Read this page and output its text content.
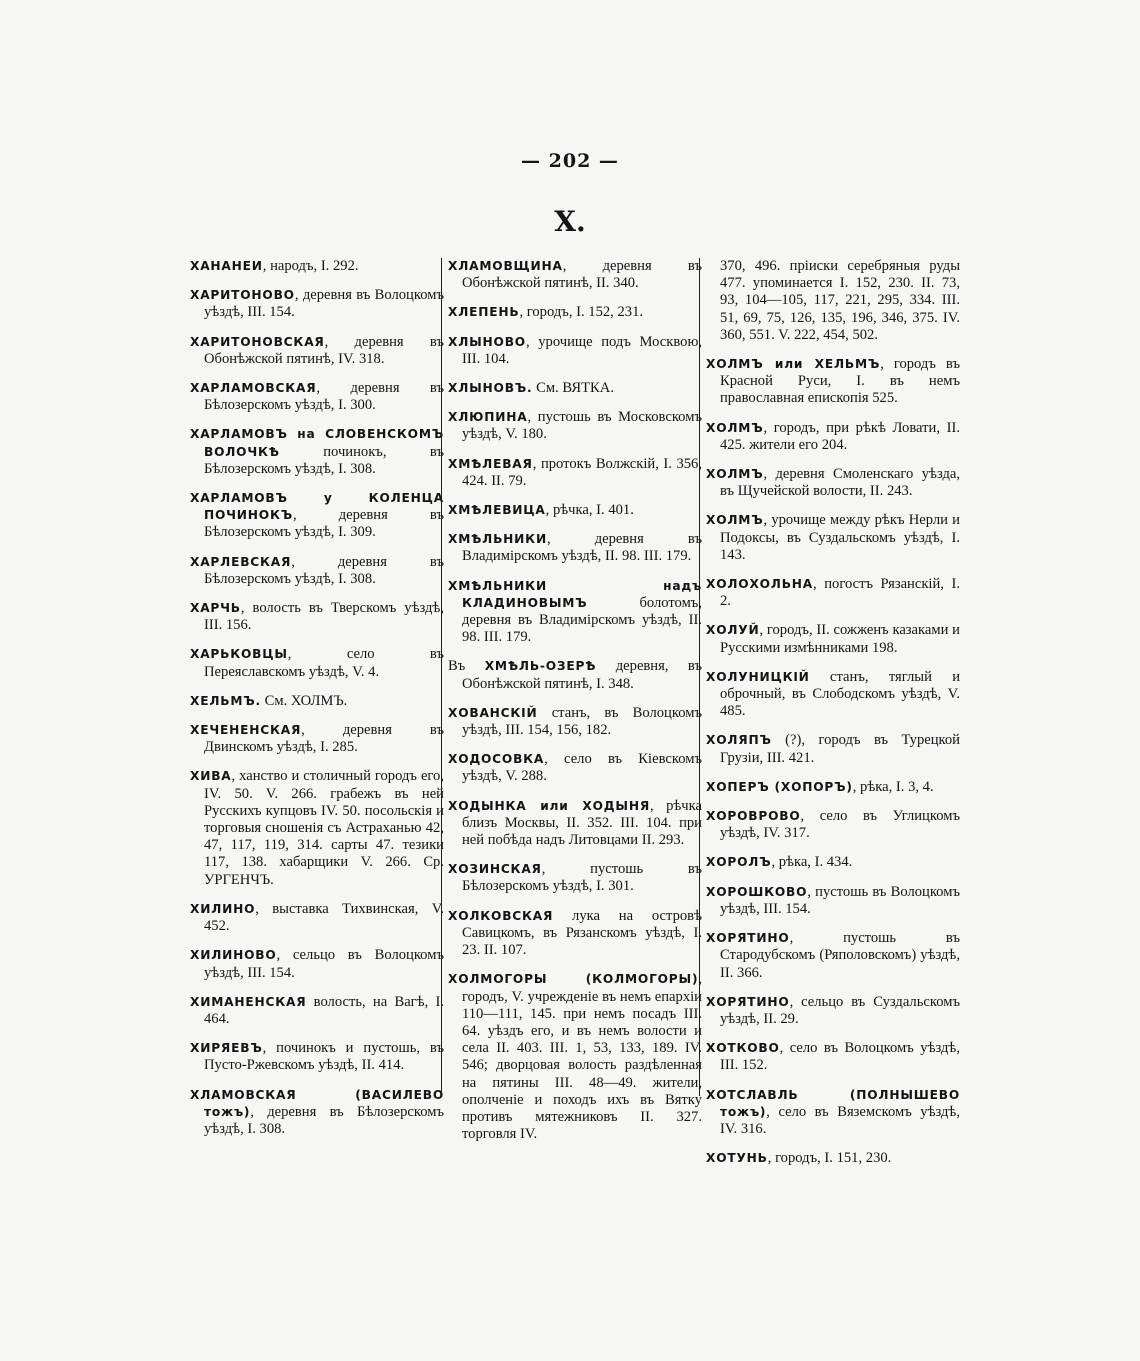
— 202 —
Х.

ХАНАНЕИ, народъ, I. 292.

ХАРИТОНОВО, деревня въ Волоцкомъ уѣздѣ, III. 154.

ХАРИТОНОВСКАЯ, деревня въ Обонѣжской пятинѣ, IV. 318.

ХАРЛАМОВСКАЯ, деревня въ Бѣлозерскомъ уѣздѣ, I. 300.

ХАРЛАМОВЪ на СЛОВЕНСКОМЪ ВОЛОЧКѢ починокъ, въ Бѣлозерскомъ уѣздѣ, I. 308.

ХАРЛАМОВЪ у КОЛЕНЦА ПОЧИНОКЪ, деревня въ Бѣлозерскомъ уѣздѣ, I. 309.

ХАРЛЕВСКАЯ, деревня въ Бѣлозерскомъ уѣздѣ, I. 308.

ХАРЧЬ, волость въ Тверскомъ уѣздѣ, III. 156.

ХАРЬКОВЦЫ, село въ Переяславскомъ уѣздѣ, V. 4.

ХЕЛЬМЪ. См. ХОЛМЪ.

ХЕЧЕНЕНСКАЯ, деревня въ Двинскомъ уѣздѣ, I. 285.

ХИВА, ханство и столичный городъ его, IV. 50. V. 266. грабежъ въ ней Русскихъ купцовъ IV. 50. посольскія и торговыя сношенія съ Астраханью 42, 47, 117, 119, 314. сарты 47. тезики 117, 138. хабарщики V. 266. Ср. УРГЕНЧЪ.

ХИЛИНО, выставка Тихвинская, V. 452.

ХИЛИНОВО, сельцо въ Волоцкомъ уѣздѣ, III. 154.

ХИМАНЕНСКАЯ волость, на Вагѣ, I. 464.

ХИРЯЕВЪ, починокъ и пустошь, въ Пусто-Ржевскомъ уѣздѣ, II. 414.

ХЛАМОВСКАЯ (ВАСИЛЕВО тожъ), деревня въ Бѣлозерскомъ уѣздѣ, I. 308.

ХЛАМОВЩИНА, деревня въ Обонѣжской пятинѣ, II. 340.

ХЛЕПЕНЬ, городъ, I. 152, 231.

ХЛЫНОВО, урочище подъ Москвою, III. 104.

ХЛЫНОВЪ. См. ВЯТКА.

ХЛЮПИНА, пустошь въ Московскомъ уѣздѣ, V. 180.

ХМѢЛЕВАЯ, протокъ Волжскій, I. 356, 424. II. 79.

ХМѢЛЕВИЦА, рѣчка, I. 401.

ХМѢЛЬНИКИ, деревня въ Владимірскомъ уѣздѣ, II. 98. III. 179.

ХМѢЛЬНИКИ надъ КЛАДИНОВЫМЪ болотомъ, деревня въ Владимірскомъ уѣздѣ, II. 98. III. 179.

Въ ХМѢЛЬ-ОЗЕРѢ деревня, въ Обонѣжской пятинѣ, I. 348.

ХОВАНСКІЙ станъ, въ Волоцкомъ уѣздѣ, III. 154, 156, 182.

ХОДОСОВКА, село въ Кіевскомъ уѣздѣ, V. 288.

ХОДЫНКА или ХОДЫНЯ, рѣчка близъ Москвы, II. 352. III. 104. при ней побѣда надъ Литовцами II. 293.

ХОЗИНСКАЯ, пустошь въ Бѣлозерскомъ уѣздѣ, I. 301.

ХОЛКОВСКАЯ лука на островѣ Савицкомъ, въ Рязанскомъ уѣздѣ, I. 23. II. 107.

ХОЛМОГОРЫ (КОЛМОГОРЫ), городъ, V. учрежденіе въ немъ епархіи 110—111, 145. при немъ посадъ III. 64. уѣздъ его, и въ немъ волости и села II. 403. III. 1, 53, 133, 189. IV. 546; дворцовая волость раздѣленная на пятины III. 48—49. жители, ополченіе и походъ ихъ въ Вятку противъ мятежниковъ II. 327. торговля IV.

370, 496. пріиски серебряныя руды 477. упоминается I. 152, 230. II. 73, 93, 104—105, 117, 221, 295, 334. III. 51, 69, 75, 126, 135, 196, 346, 375. IV. 360, 551. V. 222, 454, 502.

ХОЛМЪ или ХЕЛЬМЪ, городъ въ Красной Руси, I. въ немъ православная епископія 525.

ХОЛМЪ, городъ, при рѣкѣ Ловати, II. 425. жители его 204.

ХОЛМЪ, деревня Смоленскаго уѣзда, въ Щучейской волости, II. 243.

ХОЛМЪ, урочище между рѣкъ Нерли и Подоксы, въ Суздальскомъ уѣздѣ, I. 143.

ХОЛОХОЛЬНА, погостъ Рязанскій, I. 2.

ХОЛУЙ, городъ, II. сожженъ казаками и Русскими измѣнниками 198.

ХОЛУНИЦКІЙ станъ, тяглый и оброчный, въ Слободскомъ уѣздѣ, V. 485.

ХОЛЯПЪ (?), городъ въ Турецкой Грузіи, III. 421.

ХОПЕРЪ (ХОПОРЪ), рѣка, I. 3, 4.

ХОРОВРОВО, село въ Углицкомъ уѣздѣ, IV. 317.

ХОРОЛЪ, рѣка, I. 434.

ХОРОШКОВО, пустошь въ Волоцкомъ уѣздѣ, III. 154.

ХОРЯТИНО, пустошь въ Стародубскомъ (Ряполовскомъ) уѣздѣ, II. 366.

ХОРЯТИНО, сельцо въ Суздальскомъ уѣздѣ, II. 29.

ХОТКОВО, село въ Волоцкомъ уѣздѣ, III. 152.

ХОТСЛАВЛЬ (ПОЛНЫШЕВО тожъ), село въ Вяземскомъ уѣздѣ, IV. 316.

ХОТУНЬ, городъ, I. 151, 230.
